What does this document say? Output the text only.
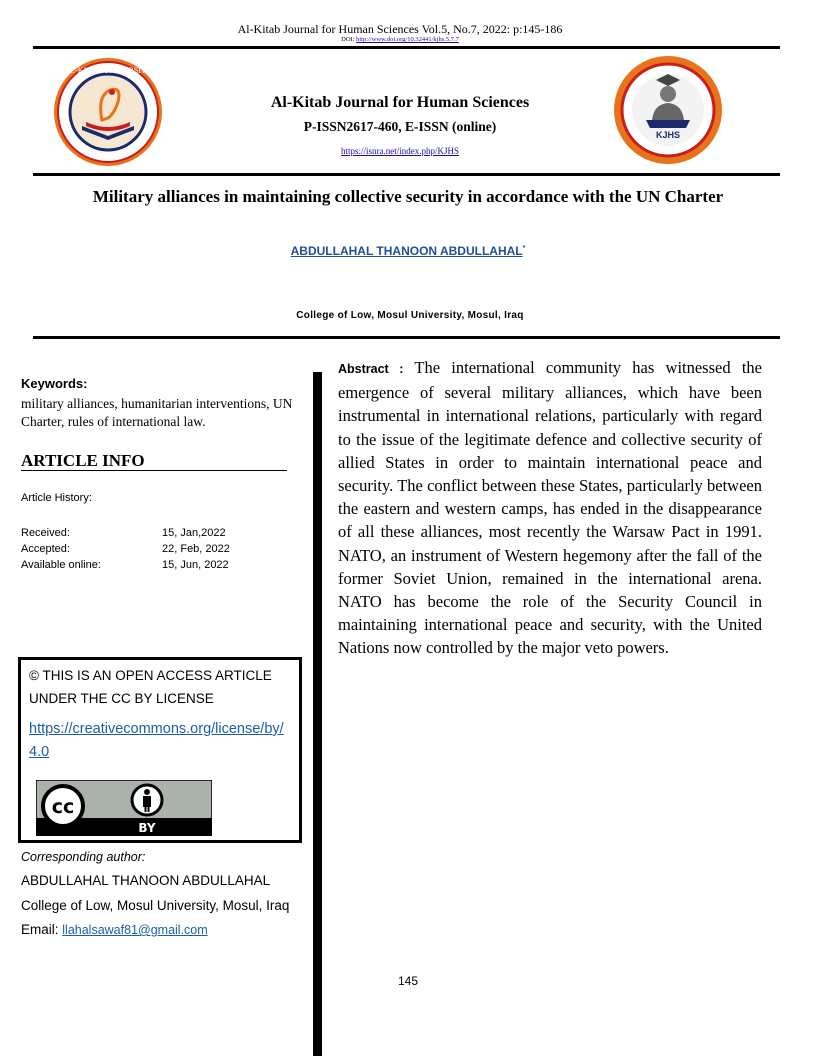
Al-Kitab Journal for Human Sciences Vol.5, No.7, 2022: p:145-186
DOI: http://www.doi.org/10.32441/kjhs.5.7.7
AL-KITAB UNIVERSITY
2012
Al-Kitab Journal for Human Sciences
P-ISSN2617-460, E-ISSN (online)
https://isnra.net/index.php/KJHS
KJHS
Military alliances in maintaining collective security in accordance with the UN Charter
ABDULLAHAL THANOON ABDULLAHAL*
College of Low, Mosul University, Mosul, Iraq
Keywords:
military alliances, humanitarian interventions, UN Charter, rules of international law.
ARTICLE INFO
Article History:
Received:	15, Jan,2022
Accepted:	22, Feb, 2022
Available online:	15, Jun, 2022
© THIS IS AN OPEN ACCESS ARTICLE UNDER THE CC BY LICENSE
https://creativecommons.org/license/by/4.0
cc
BY
Corresponding author:
ABDULLAHAL THANOON ABDULLAHAL
College of Low, Mosul University, Mosul, Iraq
Email: llahalsawaf81@gmail.com
Abstract : The international community has witnessed the emergence of several military alliances, which have been instrumental in international relations, particularly with regard to the issue of the legitimate defence and collective security of allied States in order to maintain international peace and security. The conflict between these States, particularly between the eastern and western camps, has ended in the disappearance of all these alliances, most recently the Warsaw Pact in 1991. NATO, an instrument of Western hegemony after the fall of the former Soviet Union, remained in the international arena. NATO has become the role of the Security Council in maintaining international peace and security, with the United Nations now controlled by the major veto powers.
145
